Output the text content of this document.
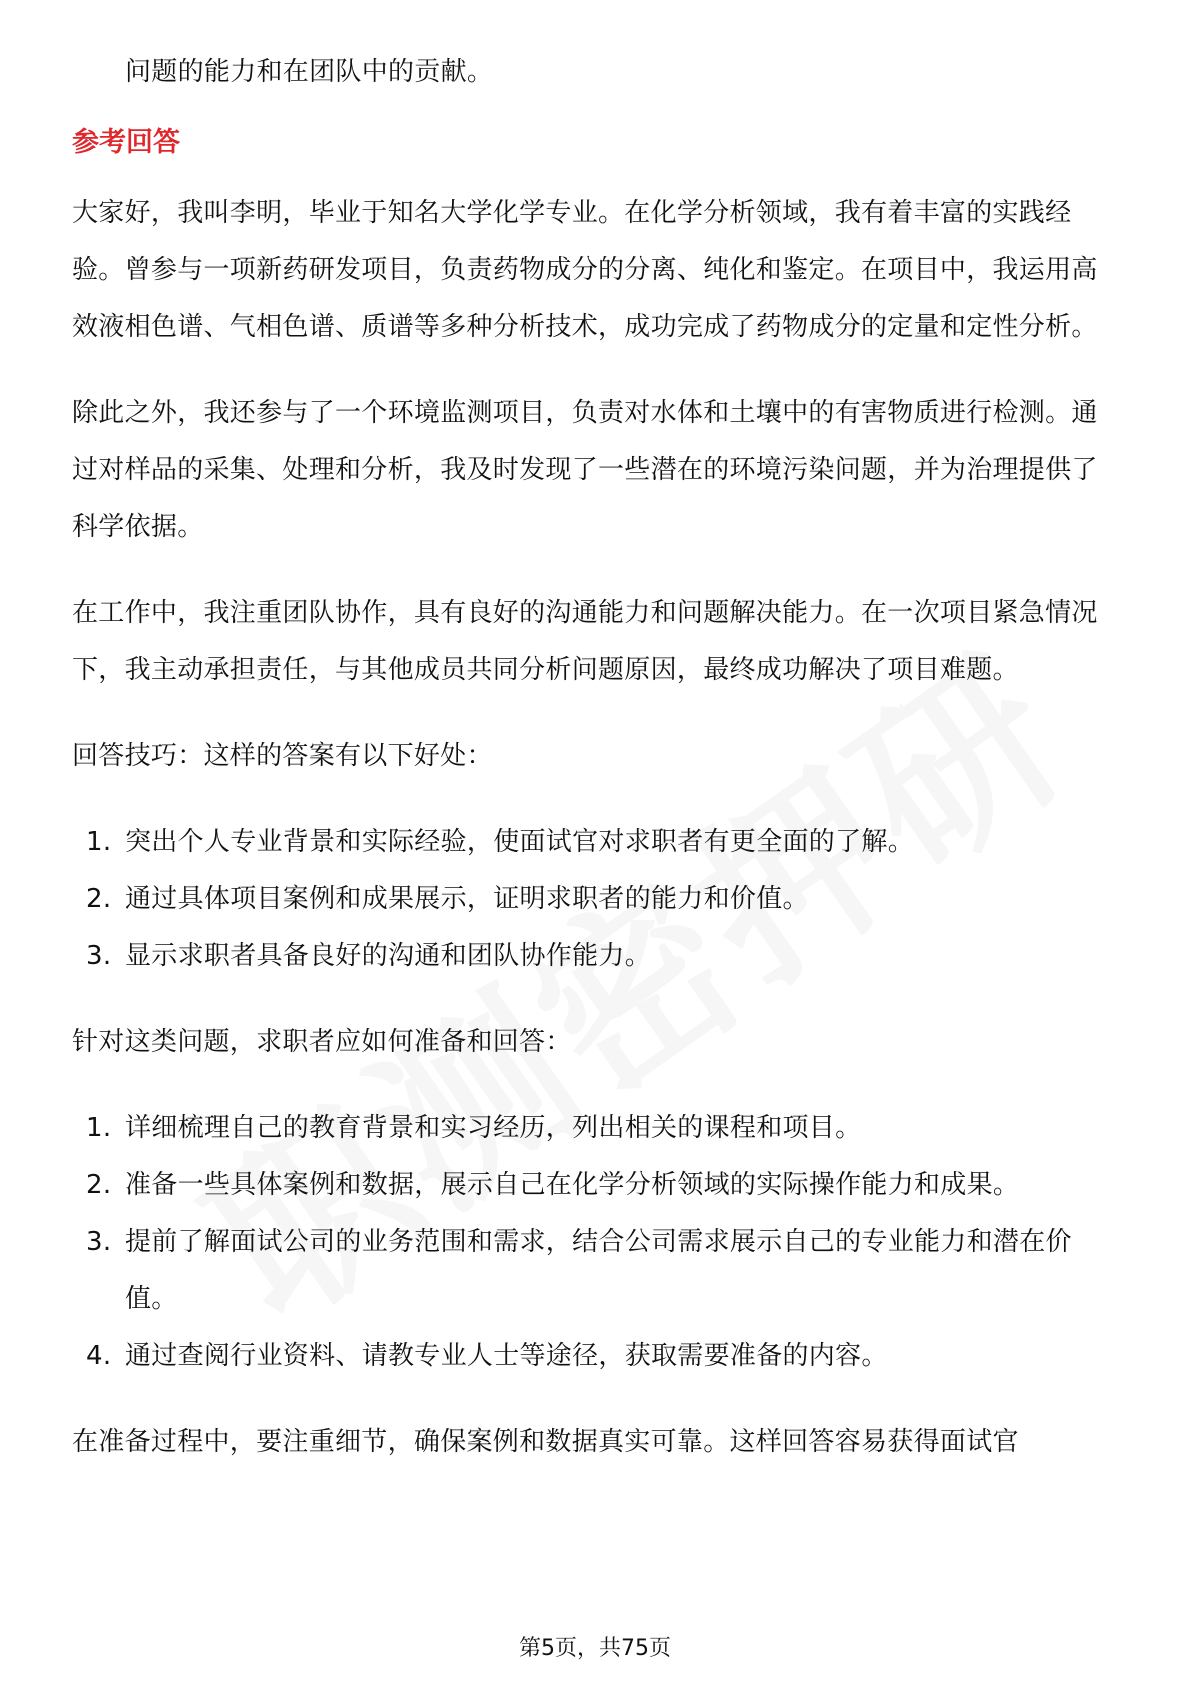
问题的能力和在团队中的贡献。

参考回答

大家好，我叫李明，毕业于知名大学化学专业。在化学分析领域，我有着丰富的实践经验。曾参与一项新药研发项目，负责药物成分的分离、纯化和鉴定。在项目中，我运用高效液相色谱、气相色谱、质谱等多种分析技术，成功完成了药物成分的定量和定性分析。

除此之外，我还参与了一个环境监测项目，负责对水体和土壤中的有害物质进行检测。通过对样品的采集、处理和分析，我及时发现了一些潜在的环境污染问题，并为治理提供了科学依据。

在工作中，我注重团队协作，具有良好的沟通能力和问题解决能力。在一次项目紧急情况下，我主动承担责任，与其他成员共同分析问题原因，最终成功解决了项目难题。

回答技巧：这样的答案有以下好处：

1. 突出个人专业背景和实际经验，使面试官对求职者有更全面的了解。
2. 通过具体项目案例和成果展示，证明求职者的能力和价值。
3. 显示求职者具备良好的沟通和团队协作能力。

针对这类问题，求职者应如何准备和回答：

1. 详细梳理自己的教育背景和实习经历，列出相关的课程和项目。
2. 准备一些具体案例和数据，展示自己在化学分析领域的实际操作能力和成果。
3. 提前了解面试公司的业务范围和需求，结合公司需求展示自己的专业能力和潜在价值。
4. 通过查阅行业资料、请教专业人士等途径，获取需要准备的内容。

在准备过程中，要注重细节，确保案例和数据真实可靠。这样回答容易获得面试官

第5页，共75页
